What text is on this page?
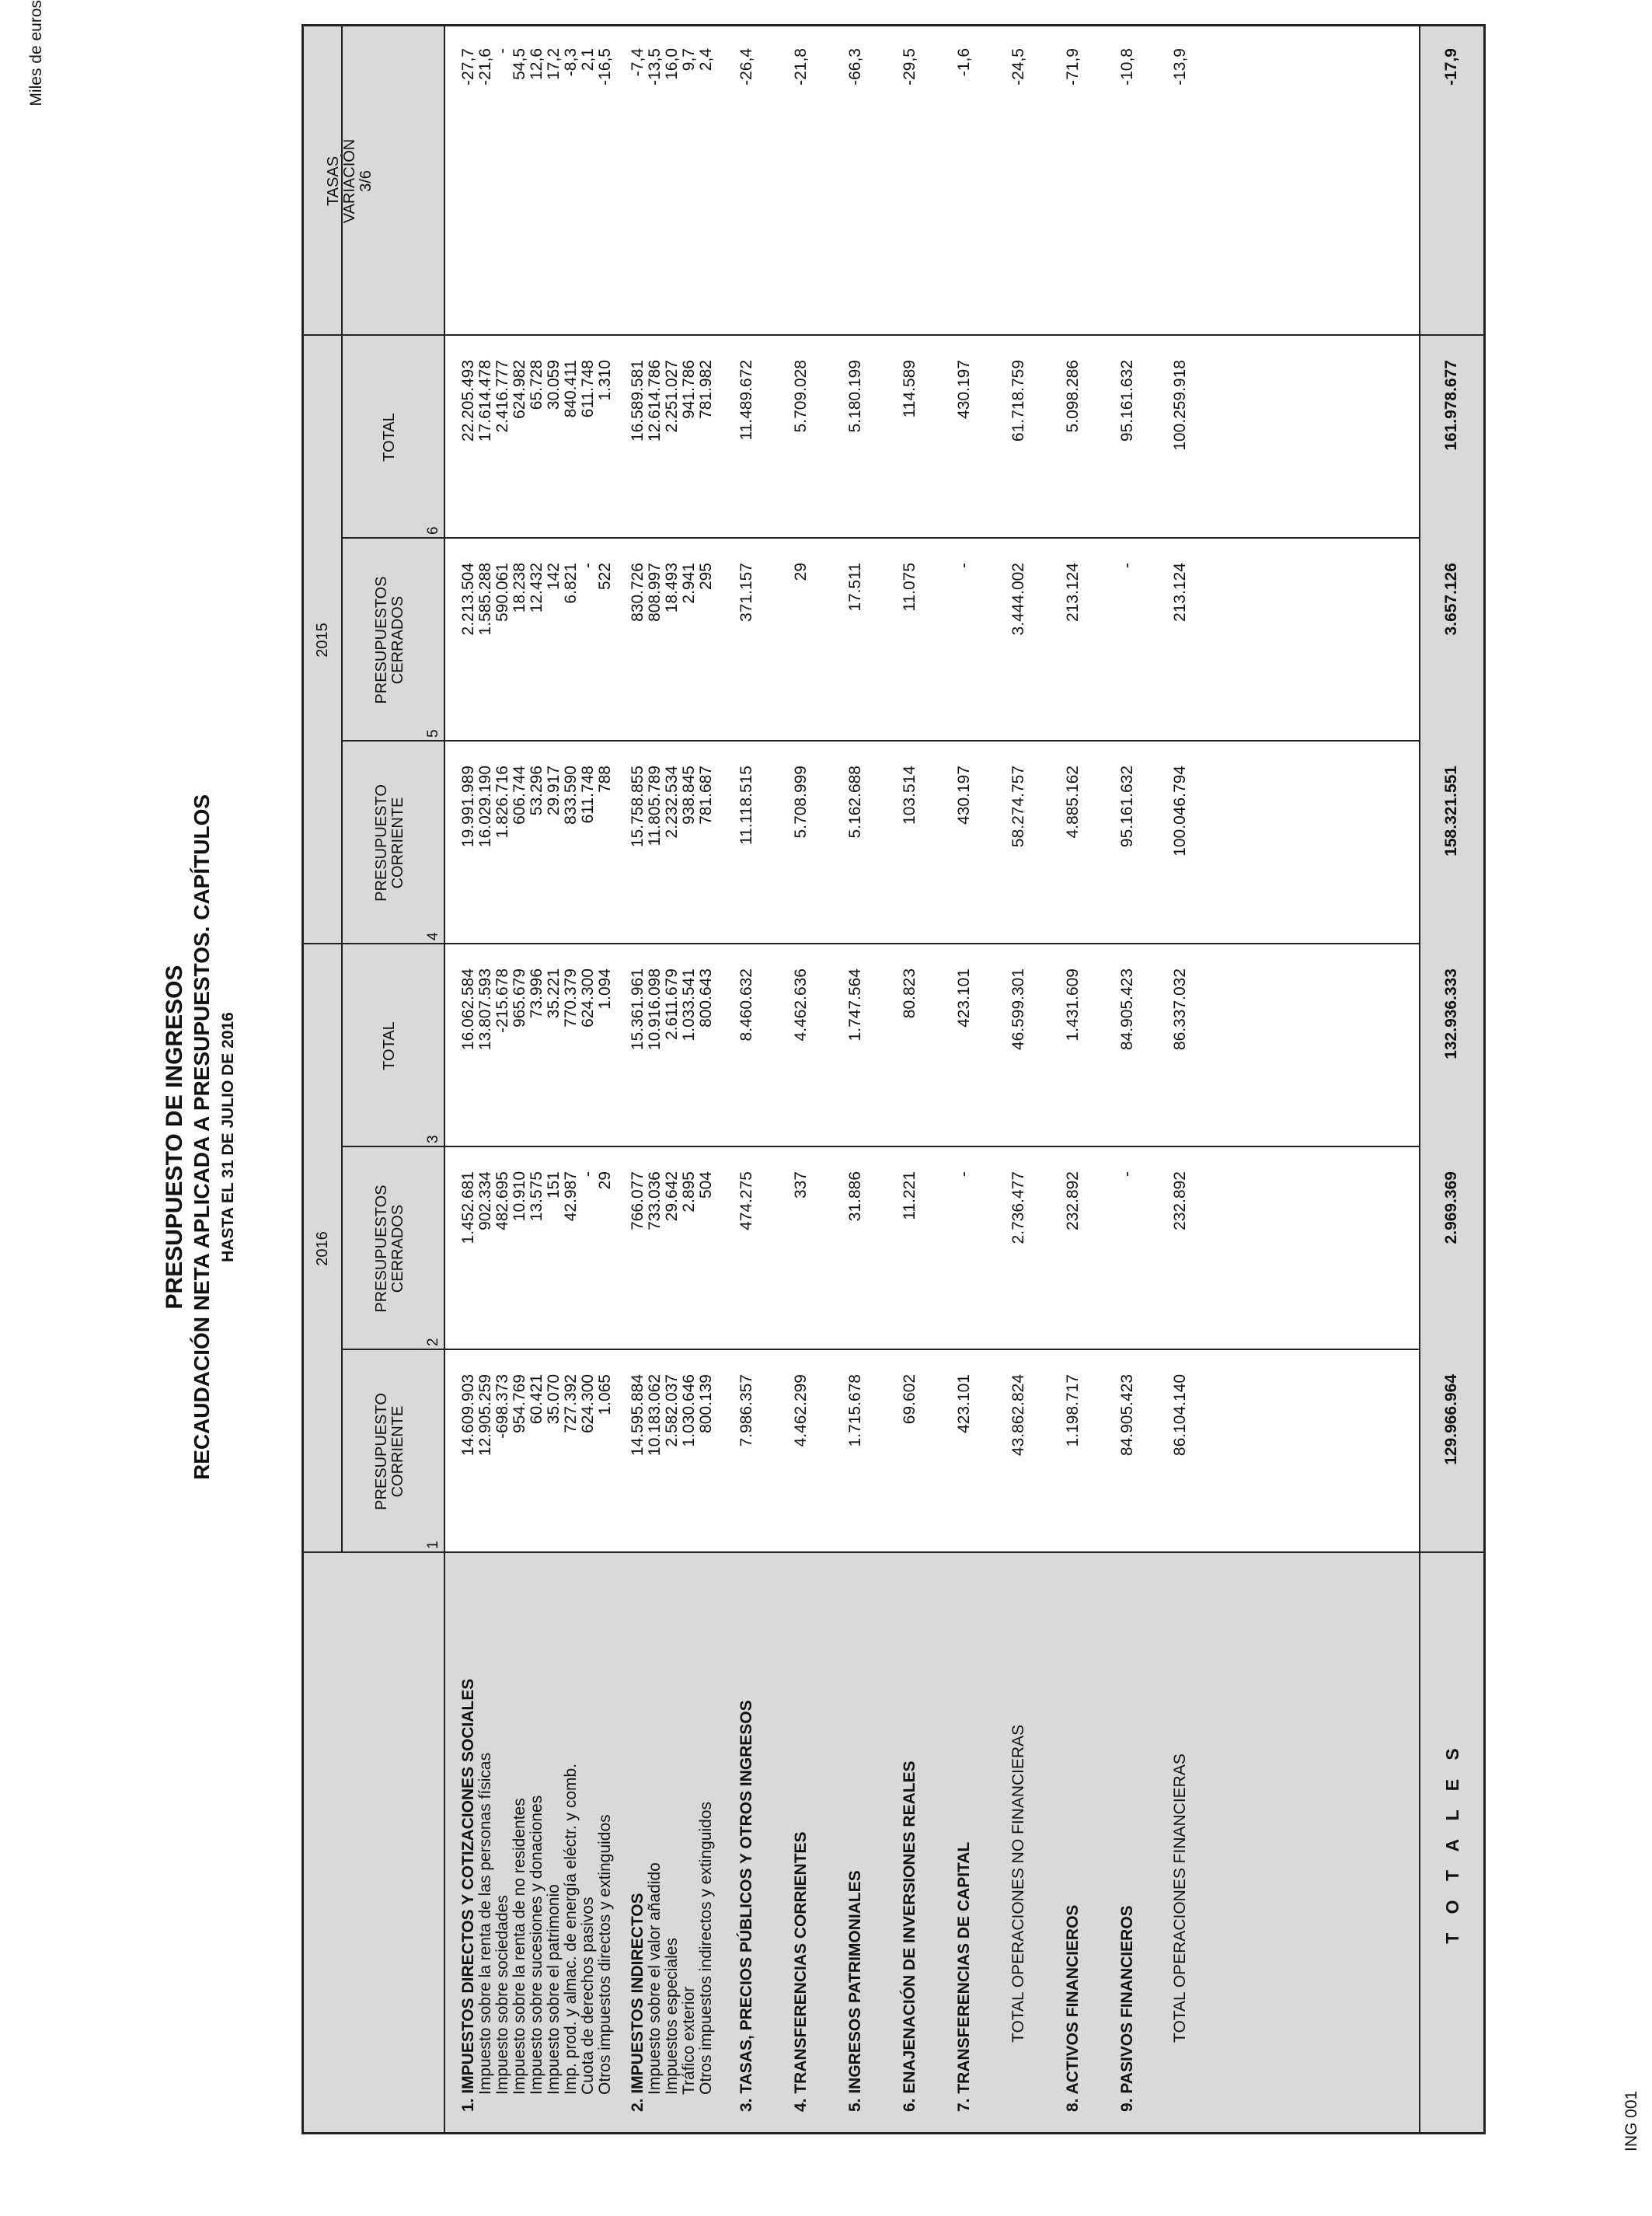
PRESUPUESTO DE INGRESOS RECAUDACIÓN NETA APLICADA A PRESUPUESTOS. CAPÍTULOS HASTA EL 31 DE JULIO DE 2016
Miles de euros
ING 001
2016
2015
PRESUPUESTO CORRIENTE
PRESUPUESTOS CERRADOS
TOTAL
PRESUPUESTO CORRIENTE
PRESUPUESTOS CERRADOS
TOTAL
TASAS VARIACIÓN 3/6
1
2
3
4
5
6
1. IMPUESTOS DIRECTOS Y COTIZACIONES SOCIALES
14.609.903
1.452.681
16.062.584
19.991.989
2.213.504
22.205.493
-27,7
Impuesto sobre la renta de las personas físicas
12.905.259
902.334
13.807.593
16.029.190
1.585.288
17.614.478
-21,6
Impuesto sobre sociedades
-698.373
482.695
-215.678
1.826.716
590.061
2.416.777
-
Impuesto sobre la renta de no residentes
954.769
10.910
965.679
606.744
18.238
624.982
54,5
Impuesto sobre sucesiones y donaciones
60.421
13.575
73.996
53.296
12.432
65.728
12,6
Impuesto sobre el patrimonio
35.070
151
35.221
29.917
142
30.059
17,2
Imp. prod. y almac. de energía eléctr. y comb.
727.392
42.987
770.379
833.590
6.821
840.411
-8,3
Cuota de derechos pasivos
624.300
-
624.300
611.748
-
611.748
2,1
Otros impuestos directos y extinguidos
1.065
29
1.094
788
522
1.310
-16,5
2. IMPUESTOS INDIRECTOS
14.595.884
766.077
15.361.961
15.758.855
830.726
16.589.581
-7,4
Impuesto sobre el valor añadido
10.183.062
733.036
10.916.098
11.805.789
808.997
12.614.786
-13,5
Impuestos especiales
2.582.037
29.642
2.611.679
2.232.534
18.493
2.251.027
16,0
Tráfico exterior
1.030.646
2.895
1.033.541
938.845
2.941
941.786
9,7
Otros impuestos indirectos y extinguidos
800.139
504
800.643
781.687
295
781.982
2,4
3. TASAS, PRECIOS PÚBLICOS Y OTROS INGRESOS
7.986.357
474.275
8.460.632
11.118.515
371.157
11.489.672
-26,4
4. TRANSFERENCIAS CORRIENTES
4.462.299
337
4.462.636
5.708.999
29
5.709.028
-21,8
5. INGRESOS PATRIMONIALES
1.715.678
31.886
1.747.564
5.162.688
17.511
5.180.199
-66,3
6. ENAJENACIÓN DE INVERSIONES REALES
69.602
11.221
80.823
103.514
11.075
114.589
-29,5
7. TRANSFERENCIAS DE CAPITAL
423.101
-
423.101
430.197
-
430.197
-1,6
TOTAL OPERACIONES NO FINANCIERAS
43.862.824
2.736.477
46.599.301
58.274.757
3.444.002
61.718.759
-24,5
8. ACTIVOS FINANCIEROS
1.198.717
232.892
1.431.609
4.885.162
213.124
5.098.286
-71,9
9. PASIVOS FINANCIEROS
84.905.423
-
84.905.423
95.161.632
-
95.161.632
-10,8
TOTAL OPERACIONES FINANCIERAS
86.104.140
232.892
86.337.032
100.046.794
213.124
100.259.918
-13,9
T O T A L E S
129.966.964
2.969.369
132.936.333
158.321.551
3.657.126
161.978.677
-17,9
